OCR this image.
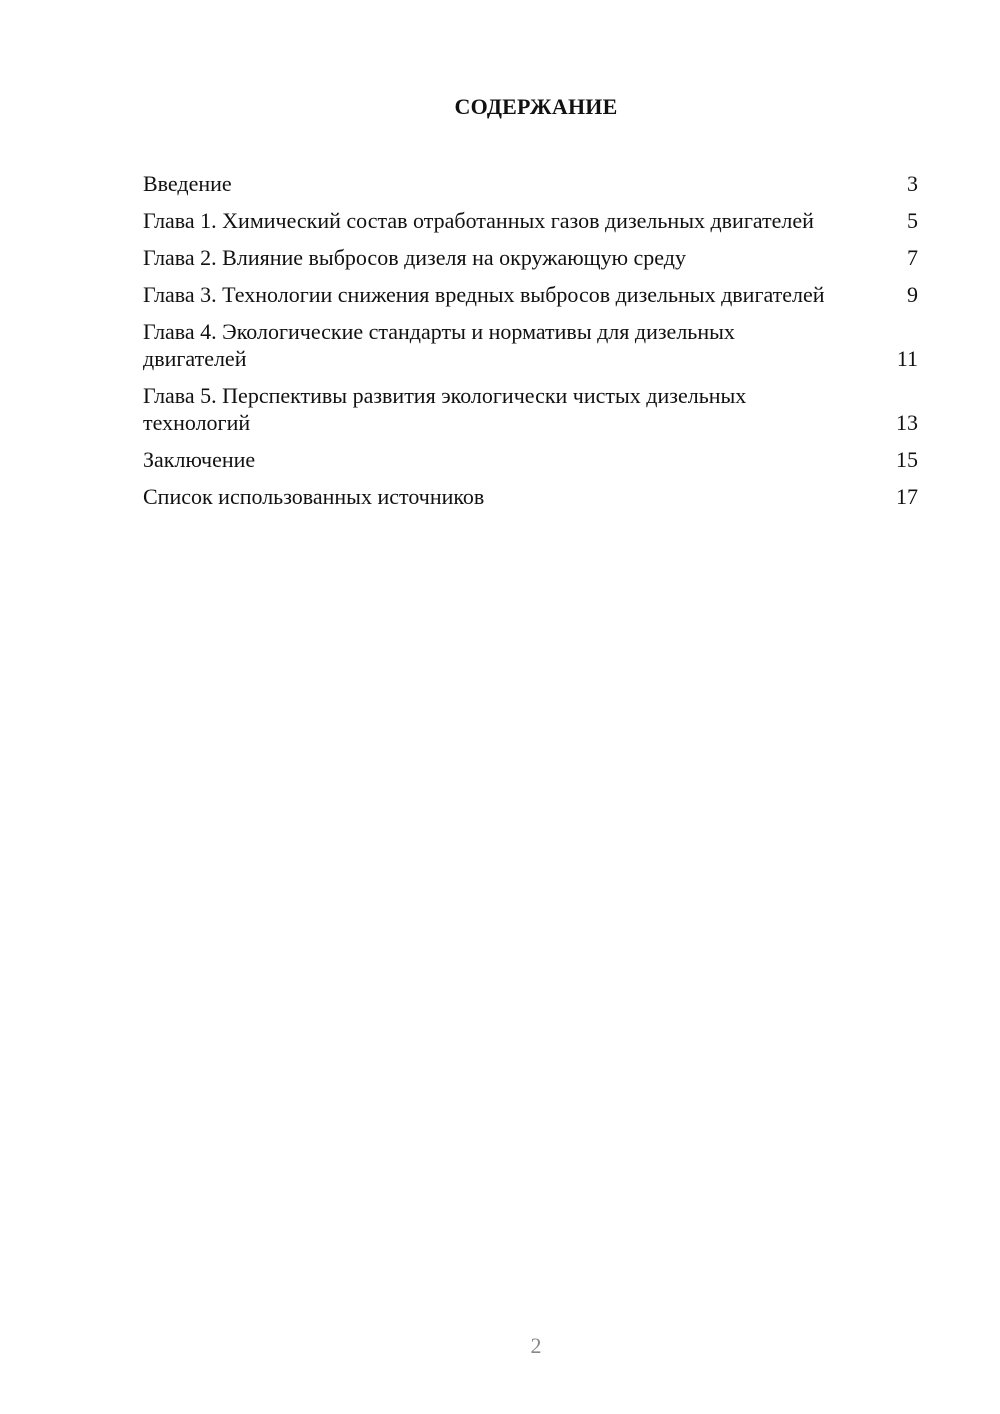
СОДЕРЖАНИЕ
Введение	3
Глава 1. Химический состав отработанных газов дизельных двигателей	5
Глава 2. Влияние выбросов дизеля на окружающую среду	7
Глава 3. Технологии снижения вредных выбросов дизельных двигателей	9
Глава 4. Экологические стандарты и нормативы для дизельных двигателей	11
Глава 5. Перспективы развития экологически чистых дизельных технологий	13
Заключение	15
Список использованных источников	17
2
